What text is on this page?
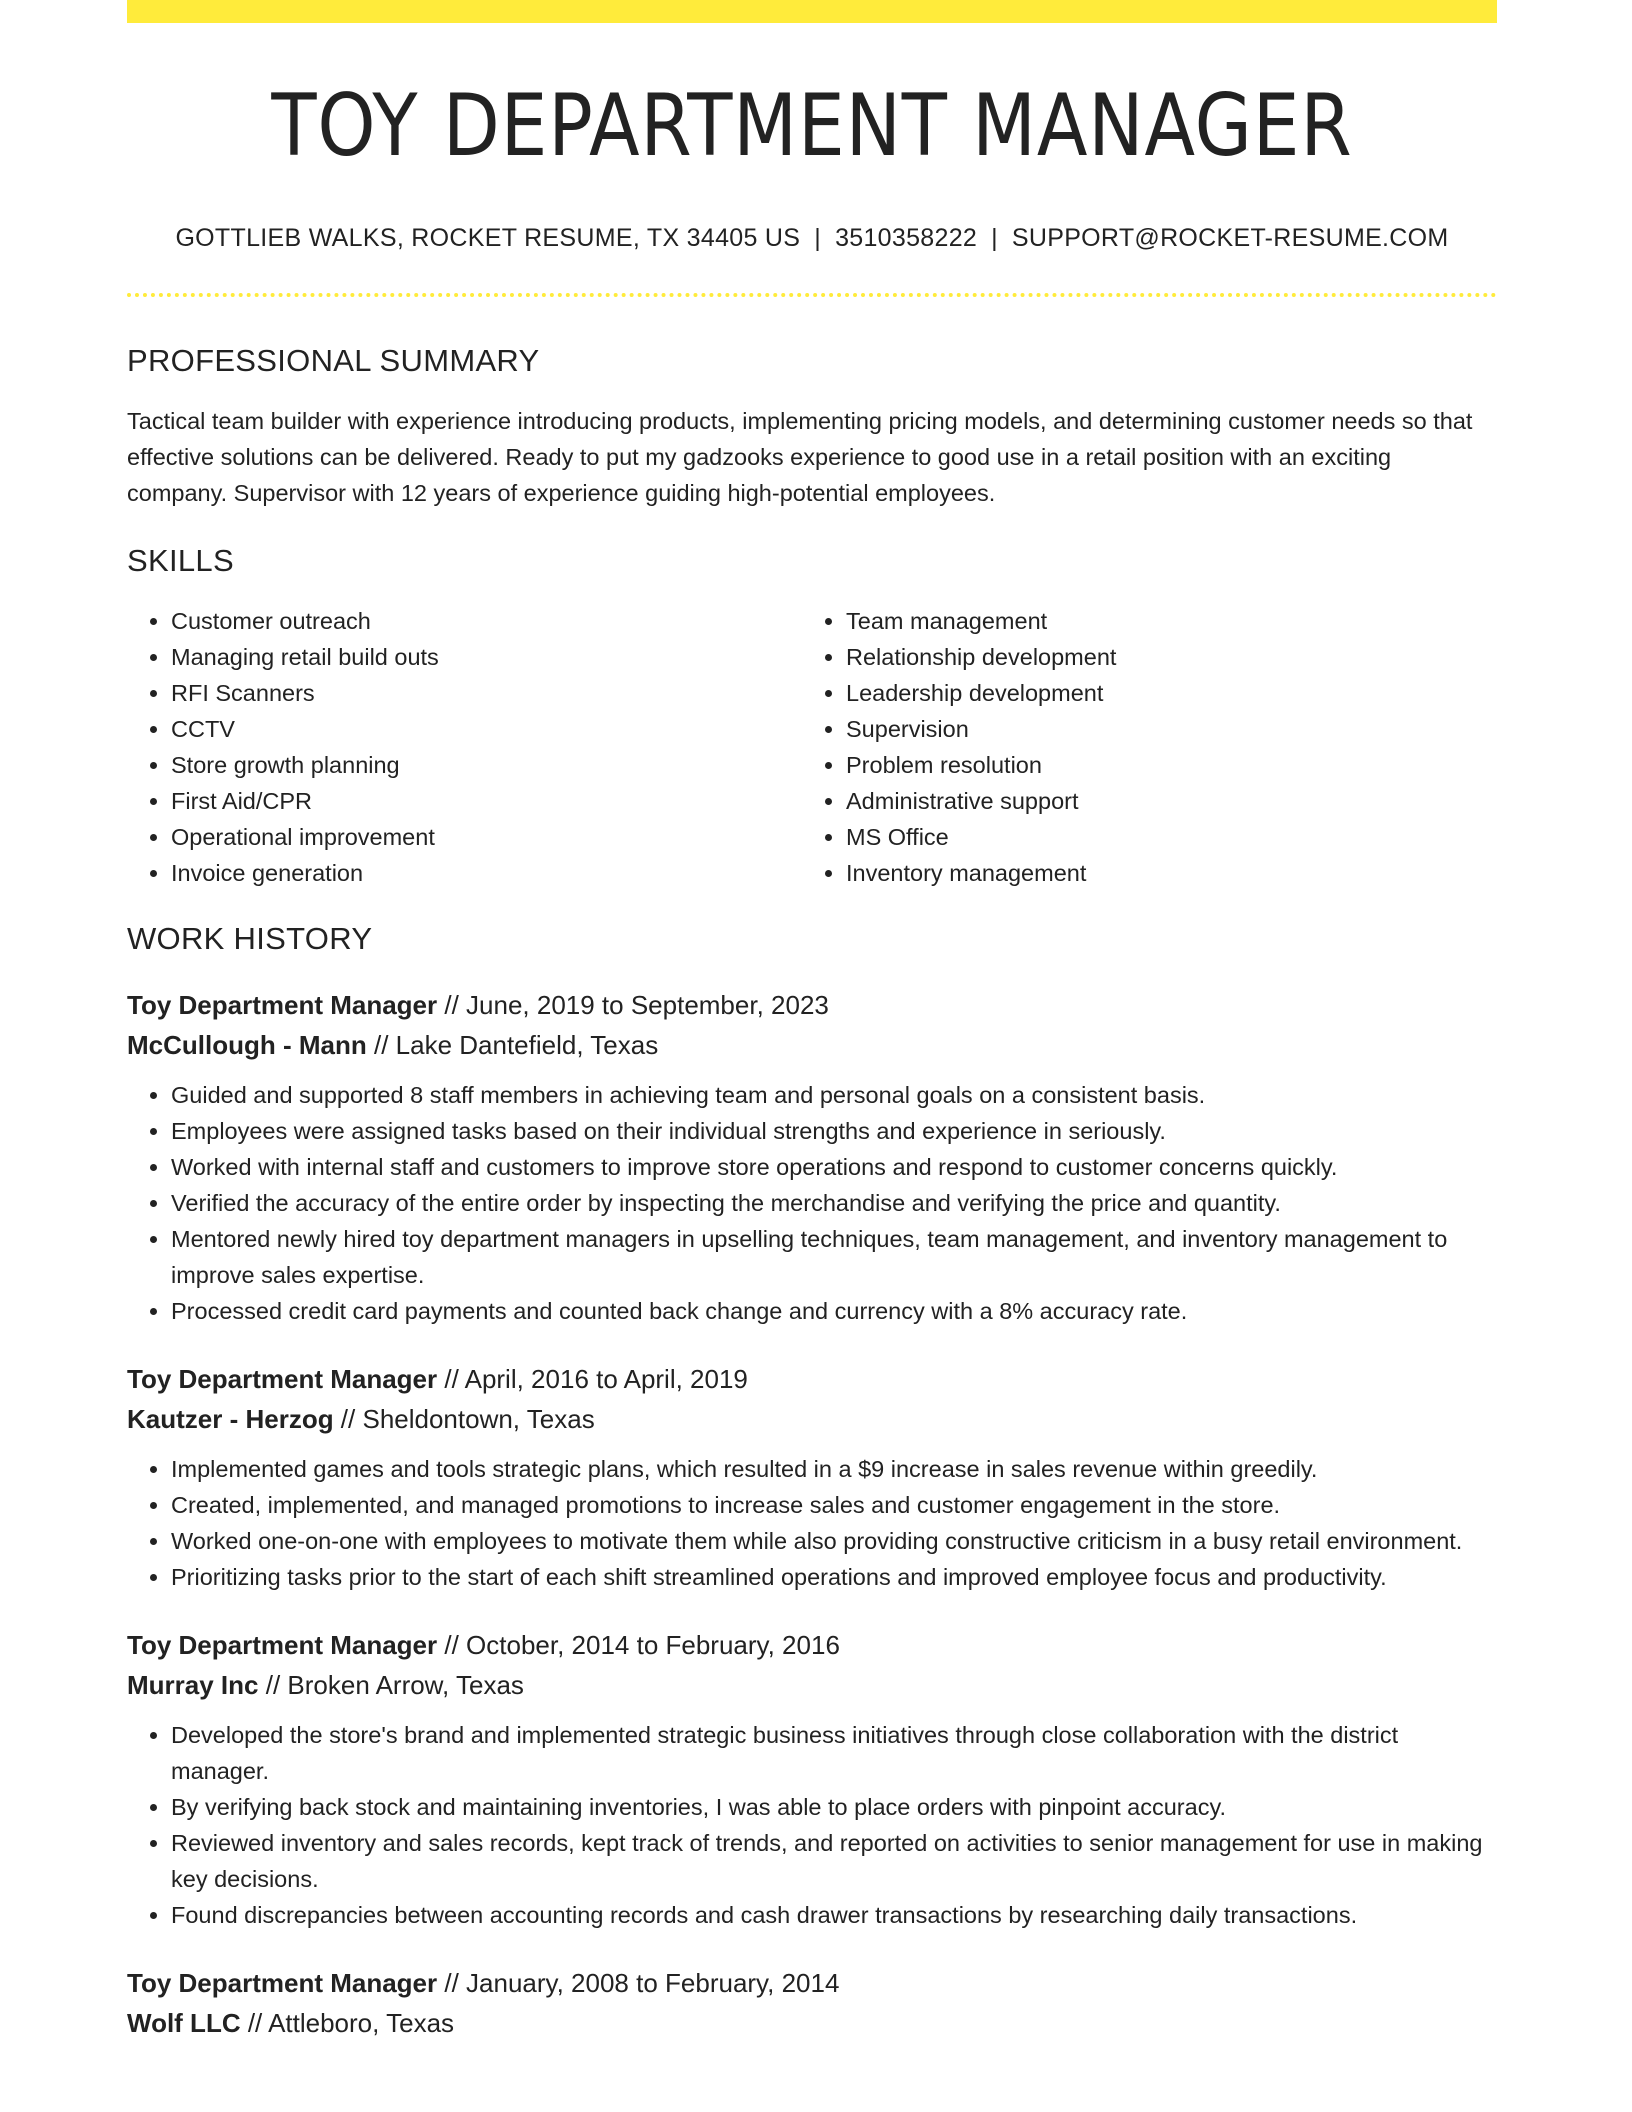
TOY DEPARTMENT MANAGER
GOTTLIEB WALKS, ROCKET RESUME, TX 34405 US | 3510358222 | SUPPORT@ROCKET-RESUME.COM
PROFESSIONAL SUMMARY

Tactical team builder with experience introducing products, implementing pricing models, and determining customer needs so that effective solutions can be delivered. Ready to put my gadzooks experience to good use in a retail position with an exciting company. Supervisor with 12 years of experience guiding high-potential employees.

SKILLS
• Customer outreach
• Managing retail build outs
• RFI Scanners
• CCTV
• Store growth planning
• First Aid/CPR
• Operational improvement
• Invoice generation
• Team management
• Relationship development
• Leadership development
• Supervision
• Problem resolution
• Administrative support
• MS Office
• Inventory management
WORK HISTORY
Toy Department Manager // June, 2019 to September, 2023
McCullough - Mann // Lake Dantefield, Texas
• Guided and supported 8 staff members in achieving team and personal goals on a consistent basis.
• Employees were assigned tasks based on their individual strengths and experience in seriously.
• Worked with internal staff and customers to improve store operations and respond to customer concerns quickly.
• Verified the accuracy of the entire order by inspecting the merchandise and verifying the price and quantity.
• Mentored newly hired toy department managers in upselling techniques, team management, and inventory management to improve sales expertise.
• Processed credit card payments and counted back change and currency with a 8% accuracy rate.
Toy Department Manager // April, 2016 to April, 2019
Kautzer - Herzog // Sheldontown, Texas
• Implemented games and tools strategic plans, which resulted in a $9 increase in sales revenue within greedily.
• Created, implemented, and managed promotions to increase sales and customer engagement in the store.
• Worked one-on-one with employees to motivate them while also providing constructive criticism in a busy retail environment.
• Prioritizing tasks prior to the start of each shift streamlined operations and improved employee focus and productivity.
Toy Department Manager // October, 2014 to February, 2016
Murray Inc // Broken Arrow, Texas
• Developed the store's brand and implemented strategic business initiatives through close collaboration with the district manager.
• By verifying back stock and maintaining inventories, I was able to place orders with pinpoint accuracy.
• Reviewed inventory and sales records, kept track of trends, and reported on activities to senior management for use in making key decisions.
• Found discrepancies between accounting records and cash drawer transactions by researching daily transactions.
Toy Department Manager // January, 2008 to February, 2014
Wolf LLC // Attleboro, Texas
